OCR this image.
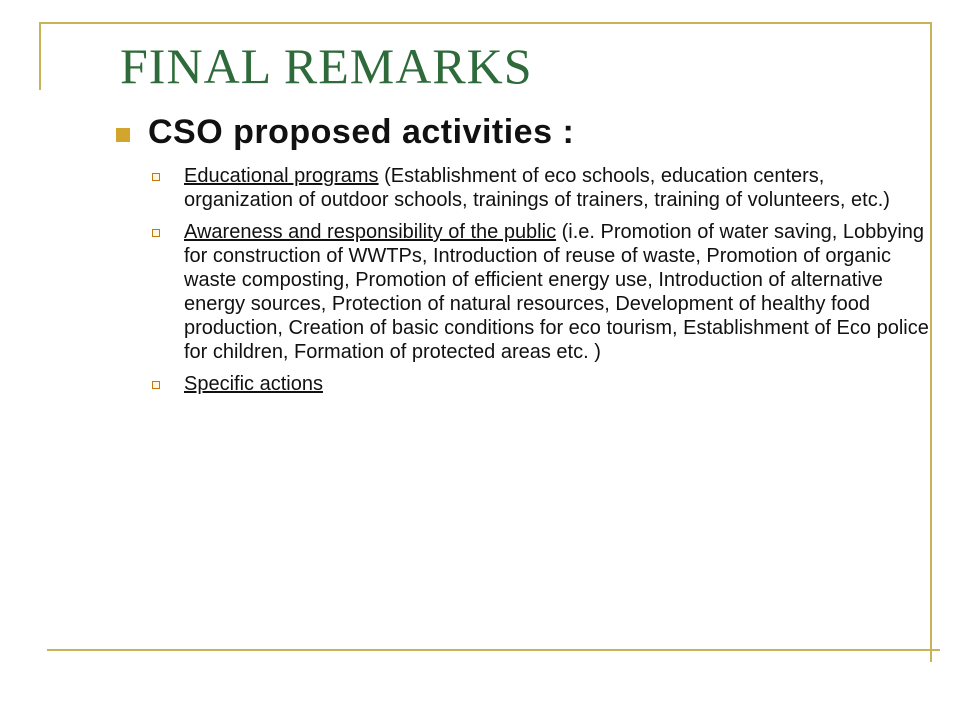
FINAL REMARKS
CSO proposed activities :
Educational programs (Establishment of eco schools, education centers, organization of outdoor schools, trainings of trainers, training of volunteers, etc.)
Awareness and responsibility of the public (i.e. Promotion of water saving, Lobbying for construction of WWTPs, Introduction of reuse of waste, Promotion of organic waste composting, Promotion of efficient energy use, Introduction of alternative energy sources, Protection of natural resources, Development of healthy food production, Creation of basic conditions for eco tourism, Establishment of Eco police for children, Formation of protected areas etc. )
Specific actions
